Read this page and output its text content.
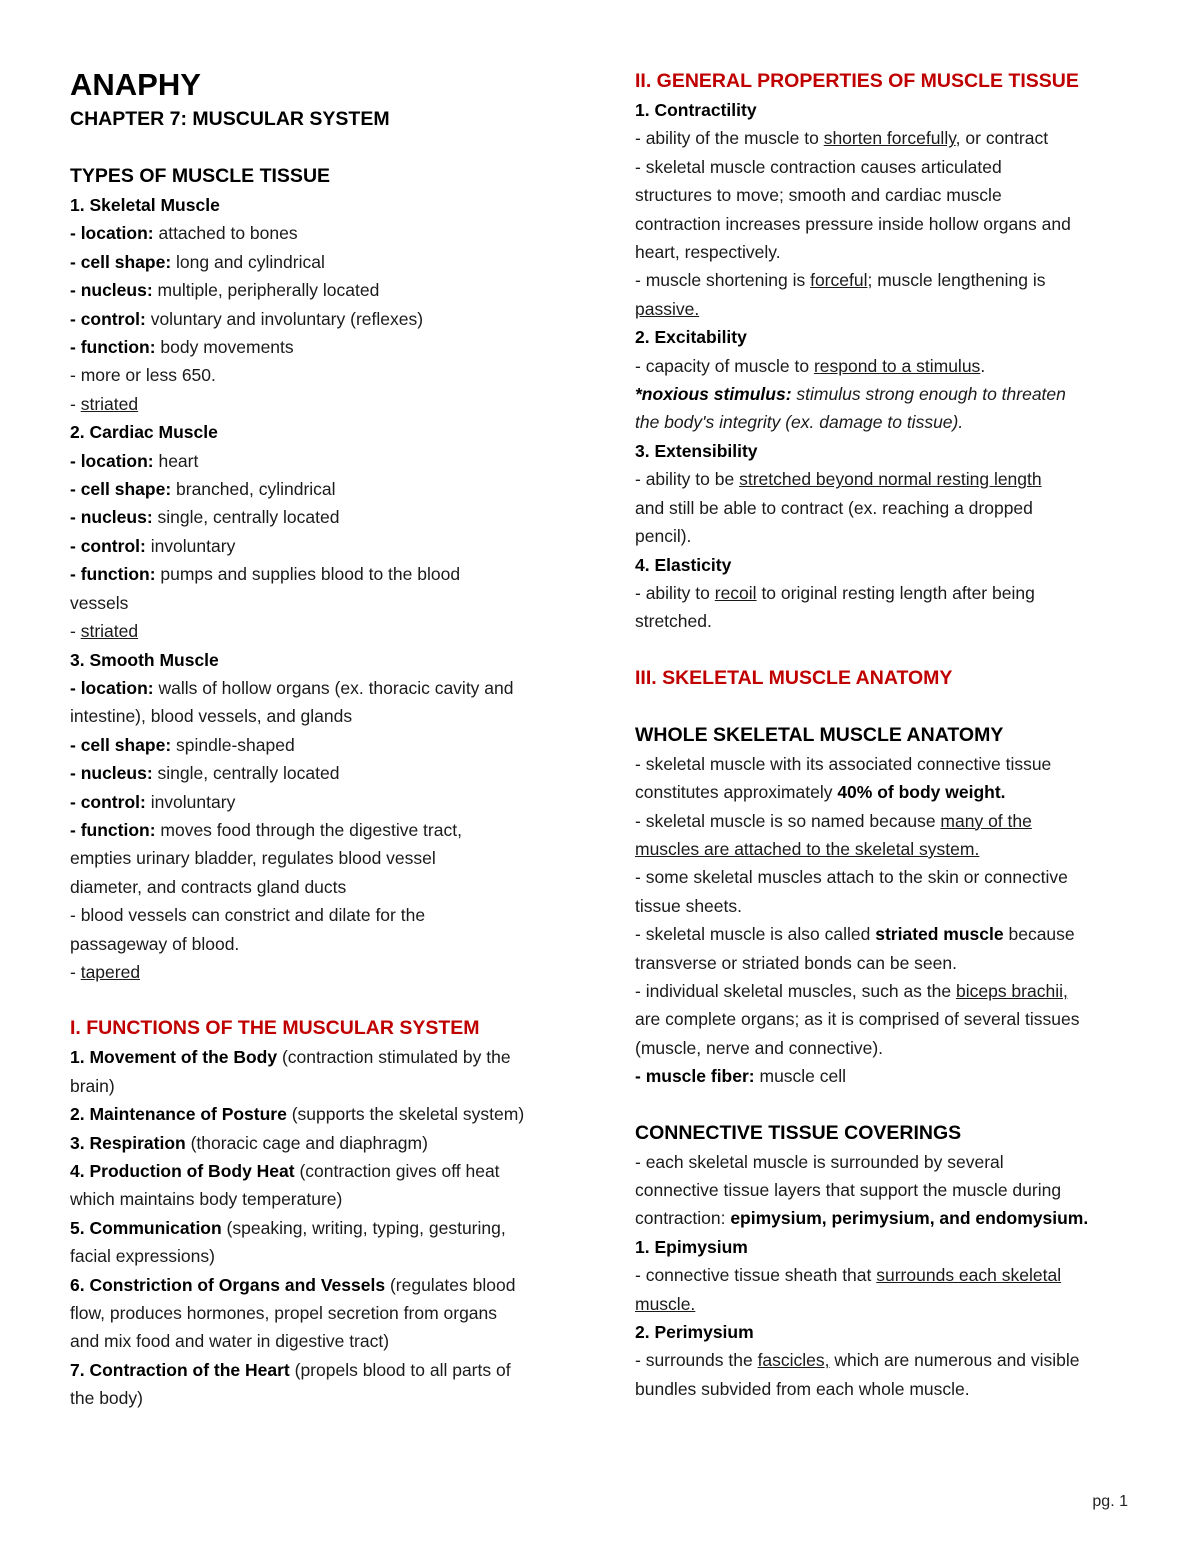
ANAPHY
CHAPTER 7: MUSCULAR SYSTEM
TYPES OF MUSCLE TISSUE
1. Skeletal Muscle
- location: attached to bones
- cell shape: long and cylindrical
- nucleus: multiple, peripherally located
- control: voluntary and involuntary (reflexes)
- function: body movements
- more or less 650.
- striated
2. Cardiac Muscle
- location: heart
- cell shape: branched, cylindrical
- nucleus: single, centrally located
- control: involuntary
- function: pumps and supplies blood to the blood
vessels
- striated
3. Smooth Muscle
- location: walls of hollow organs (ex. thoracic cavity and
intestine), blood vessels, and glands
- cell shape: spindle-shaped
- nucleus: single, centrally located
- control: involuntary
- function: moves food through the digestive tract,
empties urinary bladder, regulates blood vessel
diameter, and contracts gland ducts
- blood vessels can constrict and dilate for the
passageway of blood.
- tapered
I. FUNCTIONS OF THE MUSCULAR SYSTEM
1. Movement of the Body (contraction stimulated by the
brain)
2. Maintenance of Posture (supports the skeletal system)
3. Respiration (thoracic cage and diaphragm)
4. Production of Body Heat (contraction gives off heat
which maintains body temperature)
5. Communication (speaking, writing, typing, gesturing,
facial expressions)
6. Constriction of Organs and Vessels (regulates blood
flow, produces hormones, propel secretion from organs
and mix food and water in digestive tract)
7. Contraction of the Heart (propels blood to all parts of
the body)
II. GENERAL PROPERTIES OF MUSCLE TISSUE
1. Contractility
- ability of the muscle to shorten forcefully, or contract
- skeletal muscle contraction causes articulated
structures to move; smooth and cardiac muscle
contraction increases pressure inside hollow organs and
heart, respectively.
- muscle shortening is forceful; muscle lengthening is
passive.
2. Excitability
- capacity of muscle to respond to a stimulus.
*noxious stimulus: stimulus strong enough to threaten
the body's integrity (ex. damage to tissue).
3. Extensibility
- ability to be stretched beyond normal resting length
and still be able to contract (ex. reaching a dropped
pencil).
4. Elasticity
- ability to recoil to original resting length after being
stretched.
III. SKELETAL MUSCLE ANATOMY
WHOLE SKELETAL MUSCLE ANATOMY
- skeletal muscle with its associated connective tissue
constitutes approximately 40% of body weight.
- skeletal muscle is so named because many of the
muscles are attached to the skeletal system.
- some skeletal muscles attach to the skin or connective
tissue sheets.
- skeletal muscle is also called striated muscle because
transverse or striated bonds can be seen.
- individual skeletal muscles, such as the biceps brachii,
are complete organs; as it is comprised of several tissues
(muscle, nerve and connective).
- muscle fiber: muscle cell
CONNECTIVE TISSUE COVERINGS
- each skeletal muscle is surrounded by several
connective tissue layers that support the muscle during
contraction: epimysium, perimysium, and endomysium.
1. Epimysium
- connective tissue sheath that surrounds each skeletal
muscle.
2. Perimysium
- surrounds the fascicles, which are numerous and visible
bundles subvided from each whole muscle.
pg. 1
